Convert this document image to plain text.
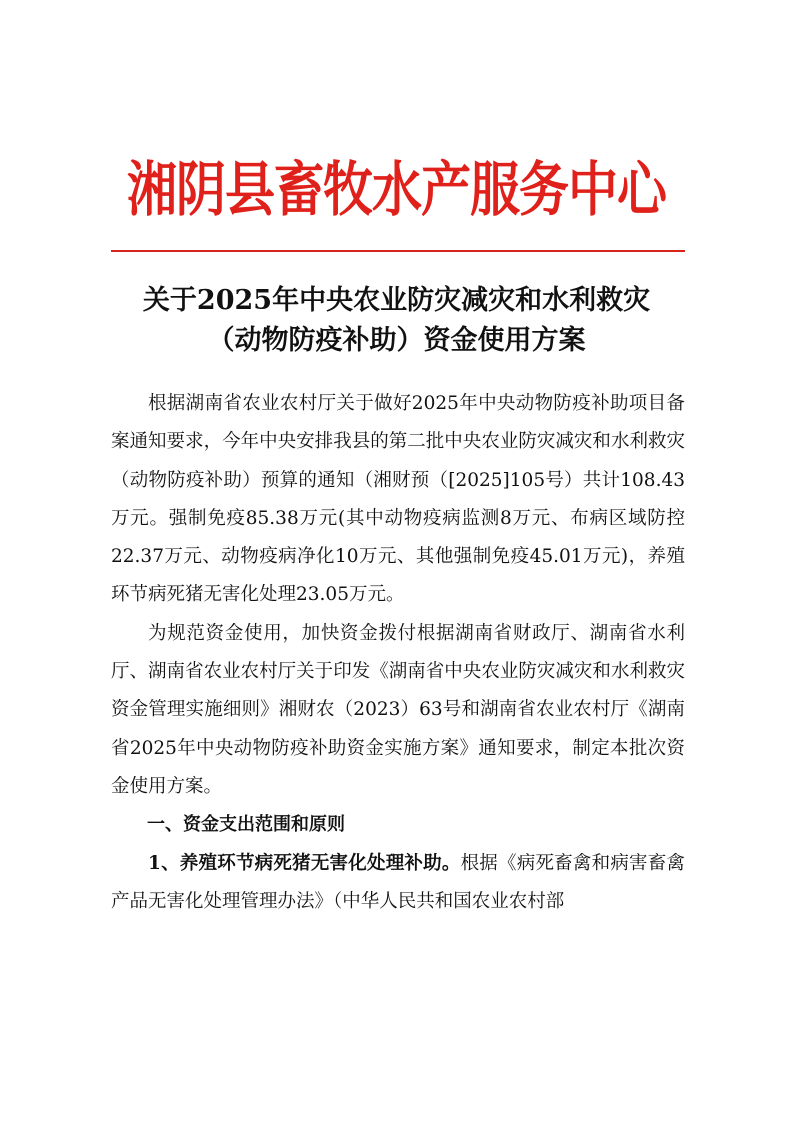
湘阴县畜牧水产服务中心
关于2025年中央农业防灾减灾和水利救灾
（动物防疫补助）资金使用方案

根据湖南省农业农村厅关于做好2025年中央动物防疫补助项目备案通知要求，今年中央安排我县的第二批中央农业防灾减灾和水利救灾（动物防疫补助）预算的通知（湘财预（[2025]105号）共计108.43万元。强制免疫85.38万元(其中动物疫病监测8万元、布病区域防控22.37万元、动物疫病净化10万元、其他强制免疫45.01万元)，养殖环节病死猪无害化处理23.05万元。

为规范资金使用，加快资金拨付根据湖南省财政厅、湖南省水利厅、湖南省农业农村厅关于印发《湖南省中央农业防灾减灾和水利救灾资金管理实施细则》湘财农（2023）63号和湖南省农业农村厅《湖南省2025年中央动物防疫补助资金实施方案》通知要求，制定本批次资金使用方案。

一、资金支出范围和原则

1、养殖环节病死猪无害化处理补助。根据《病死畜禽和病害畜禽产品无害化处理管理办法》（中华人民共和国农业农村部
